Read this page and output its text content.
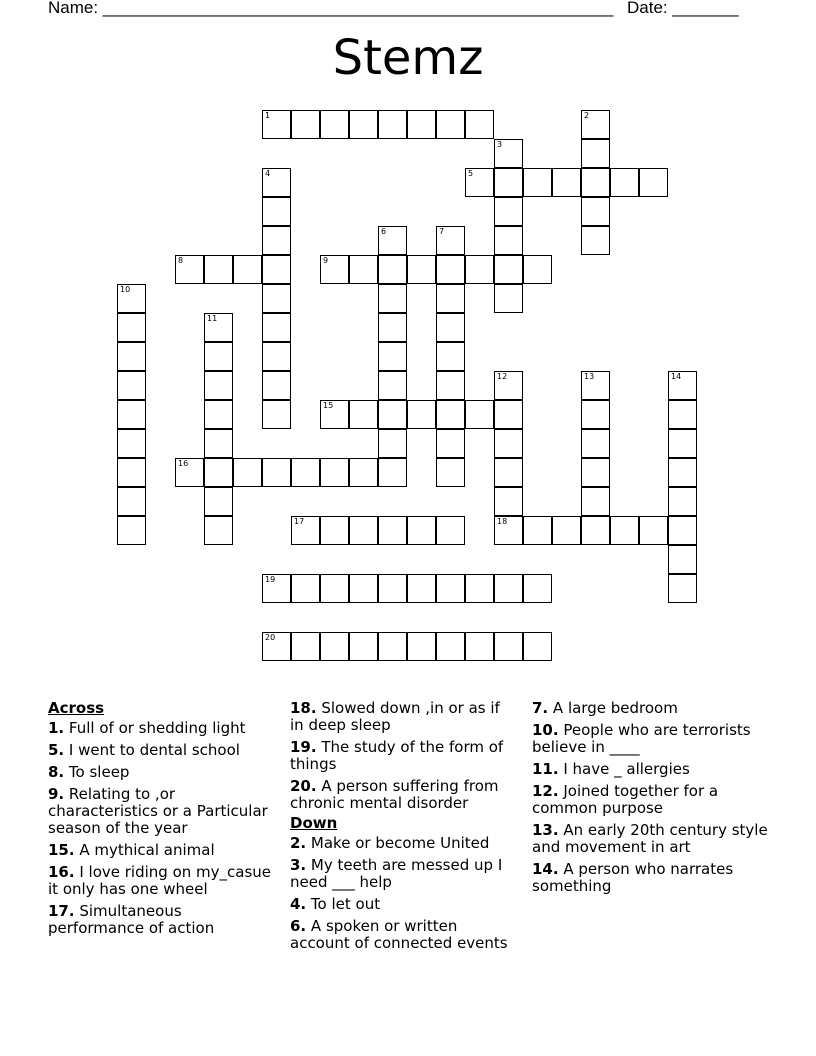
Name: ______________________________________________________ Date: _______
Stemz
1	2
3
4	5
6	7
8	9
10
11
12
18
13	14
15
16
17
19
20
Across
1. Full of or shedding light
5. I went to dental school
8. To sleep
9. Relating to ,or characteristics or a Particular season of the year
15. A mythical animal
16. I love riding on my_casue it only has one wheel
17. Simultaneous performance of action
18. Slowed down ,in or as if in deep sleep
19. The study of the form of things
20. A person suffering from chronic mental disorder
Down
2. Make or become United
3. My teeth are messed up I need ___ help
4. To let out
6. A spoken or written account of connected events
7. A large bedroom
10. People who are terrorists believe in ____
11. I have _ allergies
12. Joined together for a common purpose
13. An early 20th century style and movement in art
14. A person who narrates something
